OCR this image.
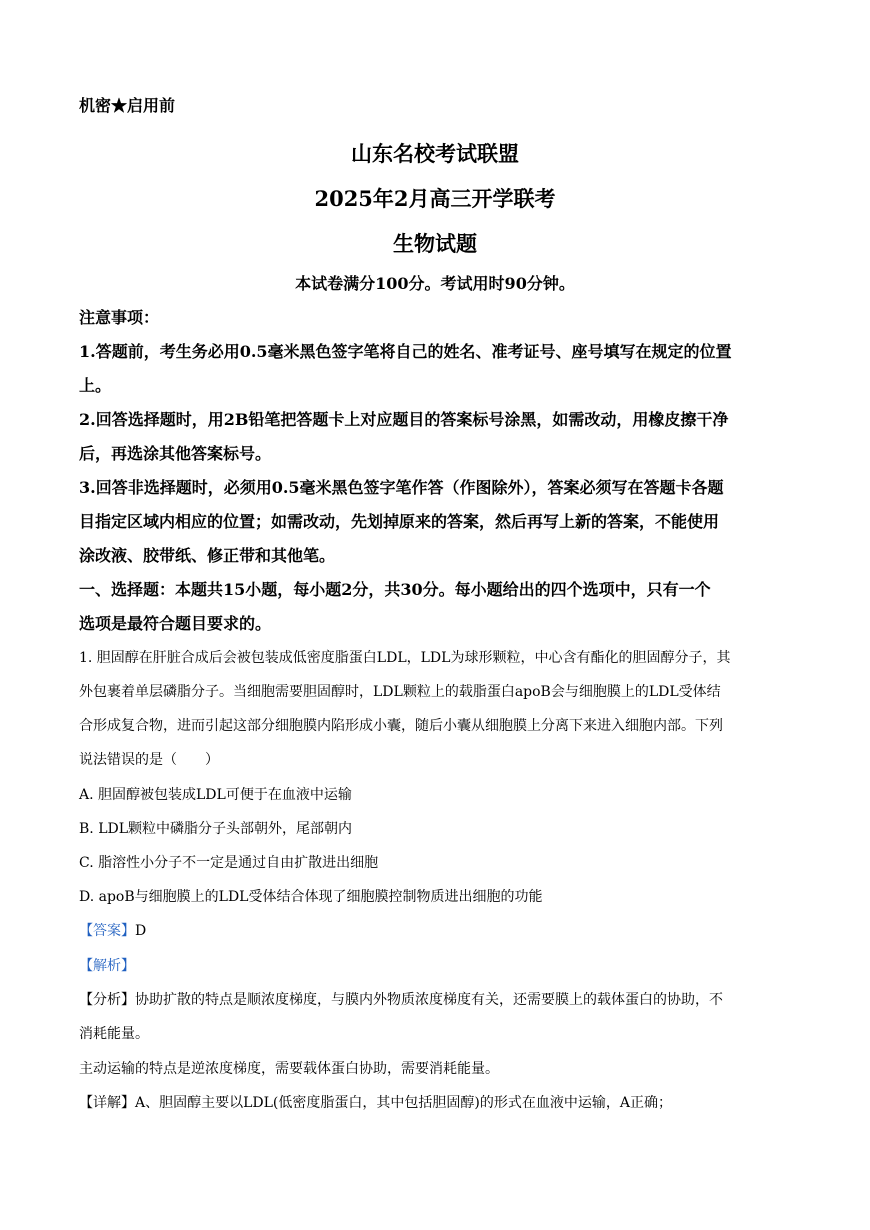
机密★启用前
山东名校考试联盟
2025年2月高三开学联考
生物试题
本试卷满分100分。考试用时90分钟。
注意事项：
1.答题前，考生务必用0.5毫米黑色签字笔将自己的姓名、准考证号、座号填写在规定的位置
上。
2.回答选择题时，用2B铅笔把答题卡上对应题目的答案标号涂黑，如需改动，用橡皮擦干净
后，再选涂其他答案标号。
3.回答非选择题时，必须用0.5毫米黑色签字笔作答（作图除外），答案必须写在答题卡各题
目指定区域内相应的位置；如需改动，先划掉原来的答案，然后再写上新的答案，不能使用
涂改液、胶带纸、修正带和其他笔。
一、选择题：本题共15小题，每小题2分，共30分。每小题给出的四个选项中，只有一个
选项是最符合题目要求的。
1. 胆固醇在肝脏合成后会被包装成低密度脂蛋白LDL，LDL为球形颗粒，中心含有酯化的胆固醇分子，其
外包裹着单层磷脂分子。当细胞需要胆固醇时，LDL颗粒上的载脂蛋白apoB会与细胞膜上的LDL受体结
合形成复合物，进而引起这部分细胞膜内陷形成小囊，随后小囊从细胞膜上分离下来进入细胞内部。下列
说法错误的是（　　）
A. 胆固醇被包装成LDL可便于在血液中运输
B. LDL颗粒中磷脂分子头部朝外，尾部朝内
C. 脂溶性小分子不一定是通过自由扩散进出细胞
D. apoB与细胞膜上的LDL受体结合体现了细胞膜控制物质进出细胞的功能
【答案】D
【解析】
【分析】协助扩散的特点是顺浓度梯度，与膜内外物质浓度梯度有关，还需要膜上的载体蛋白的协助，不
消耗能量。
主动运输的特点是逆浓度梯度，需要载体蛋白协助，需要消耗能量。
【详解】A、胆固醇主要以LDL(低密度脂蛋白，其中包括胆固醇)的形式在血液中运输，A正确；
